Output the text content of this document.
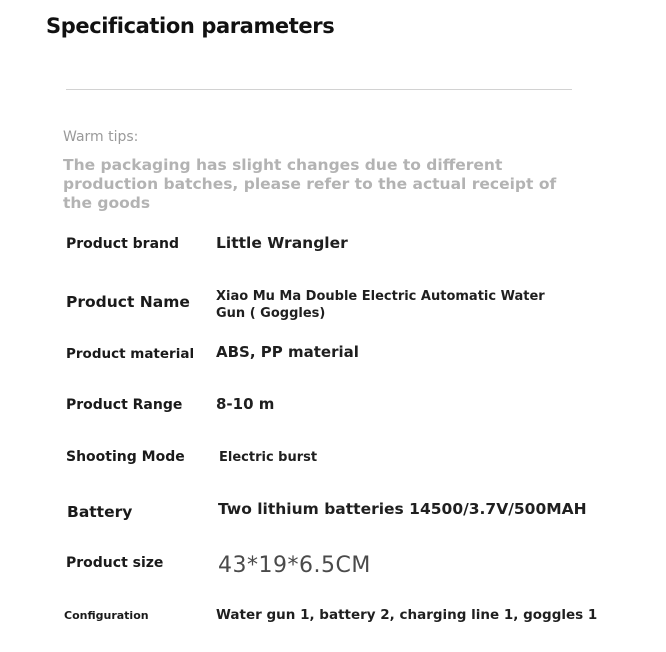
Specification parameters
Warm tips:
The packaging has slight changes due to different production batches, please refer to the actual receipt of the goods
Product brand Little Wrangler
Product Name Xiao Mu Ma Double Electric Automatic Water Gun ( Goggles)
Product material ABS, PP material
Product Range 8-10 m
Shooting Mode	Electric burst
Battery	Two lithium batteries 14500/3.7V/500MAH
Product size 43*19*6.5CM
Configuration	Water gun 1, battery 2, charging line 1, goggles 1
